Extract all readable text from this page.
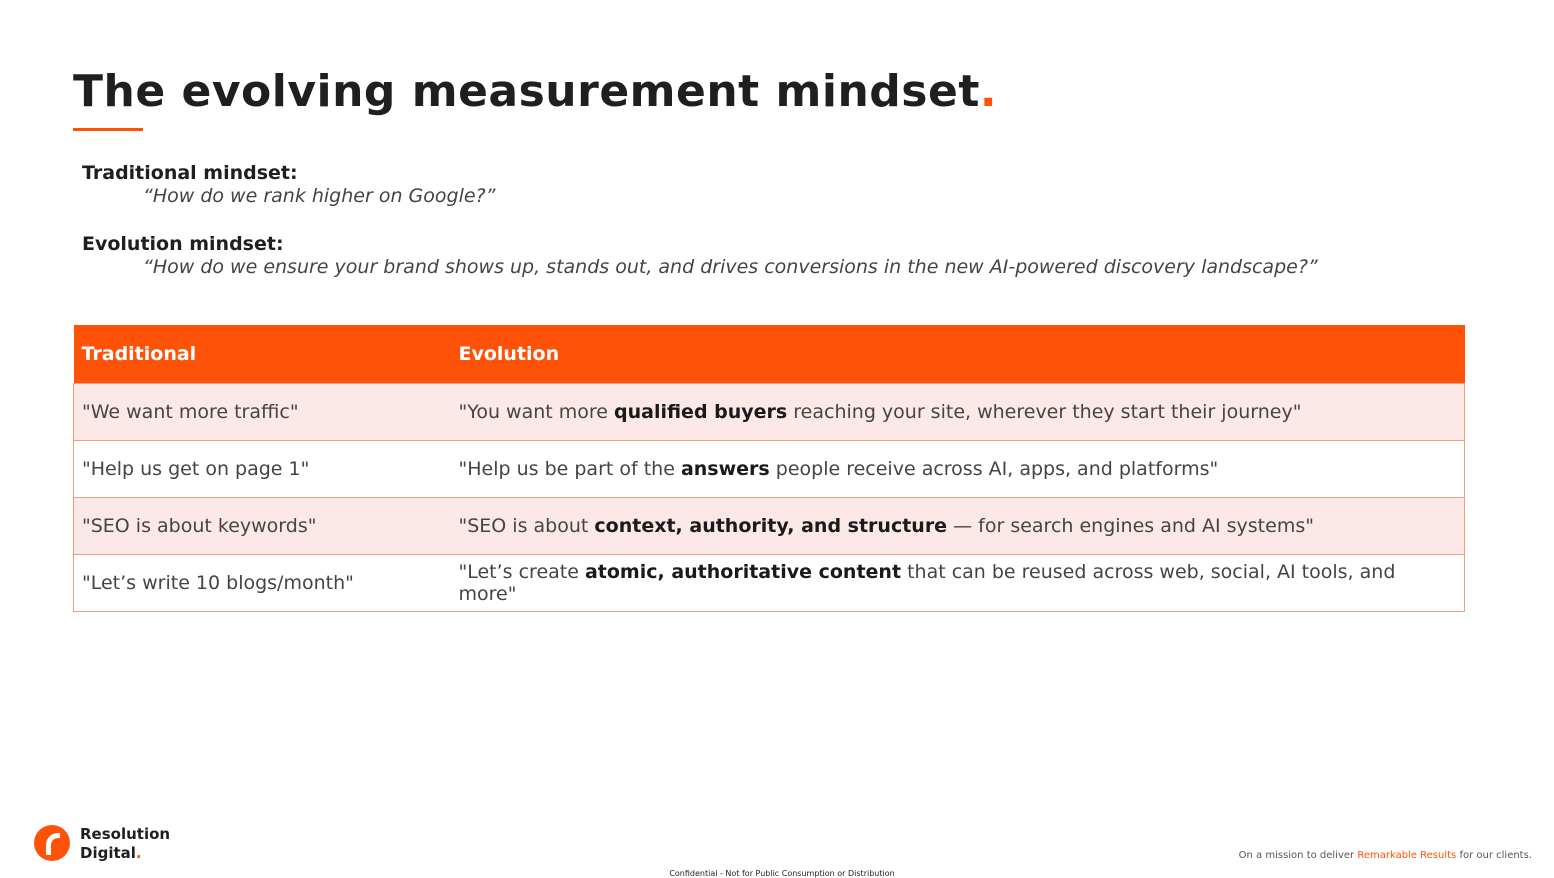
The evolving measurement mindset.
Traditional mindset:
“How do we rank higher on Google?”
Evolution mindset:
“How do we ensure your brand shows up, stands out, and drives conversions in the new AI-powered discovery landscape?”
Traditional	Evolution
"We want more traffic"	"You want more qualified buyers reaching your site, wherever they start their journey"
"Help us get on page 1"	"Help us be part of the answers people receive across AI, apps, and platforms"
"SEO is about keywords"	"SEO is about context, authority, and structure — for search engines and AI systems"
"Let’s write 10 blogs/month"	"Let’s create atomic, authoritative content that can be reused across web, social, AI tools, and more"
Resolution
Digital.	On a mission to deliver Remarkable Results for our clients.
Confidential - Not for Public Consumption or Distribution
